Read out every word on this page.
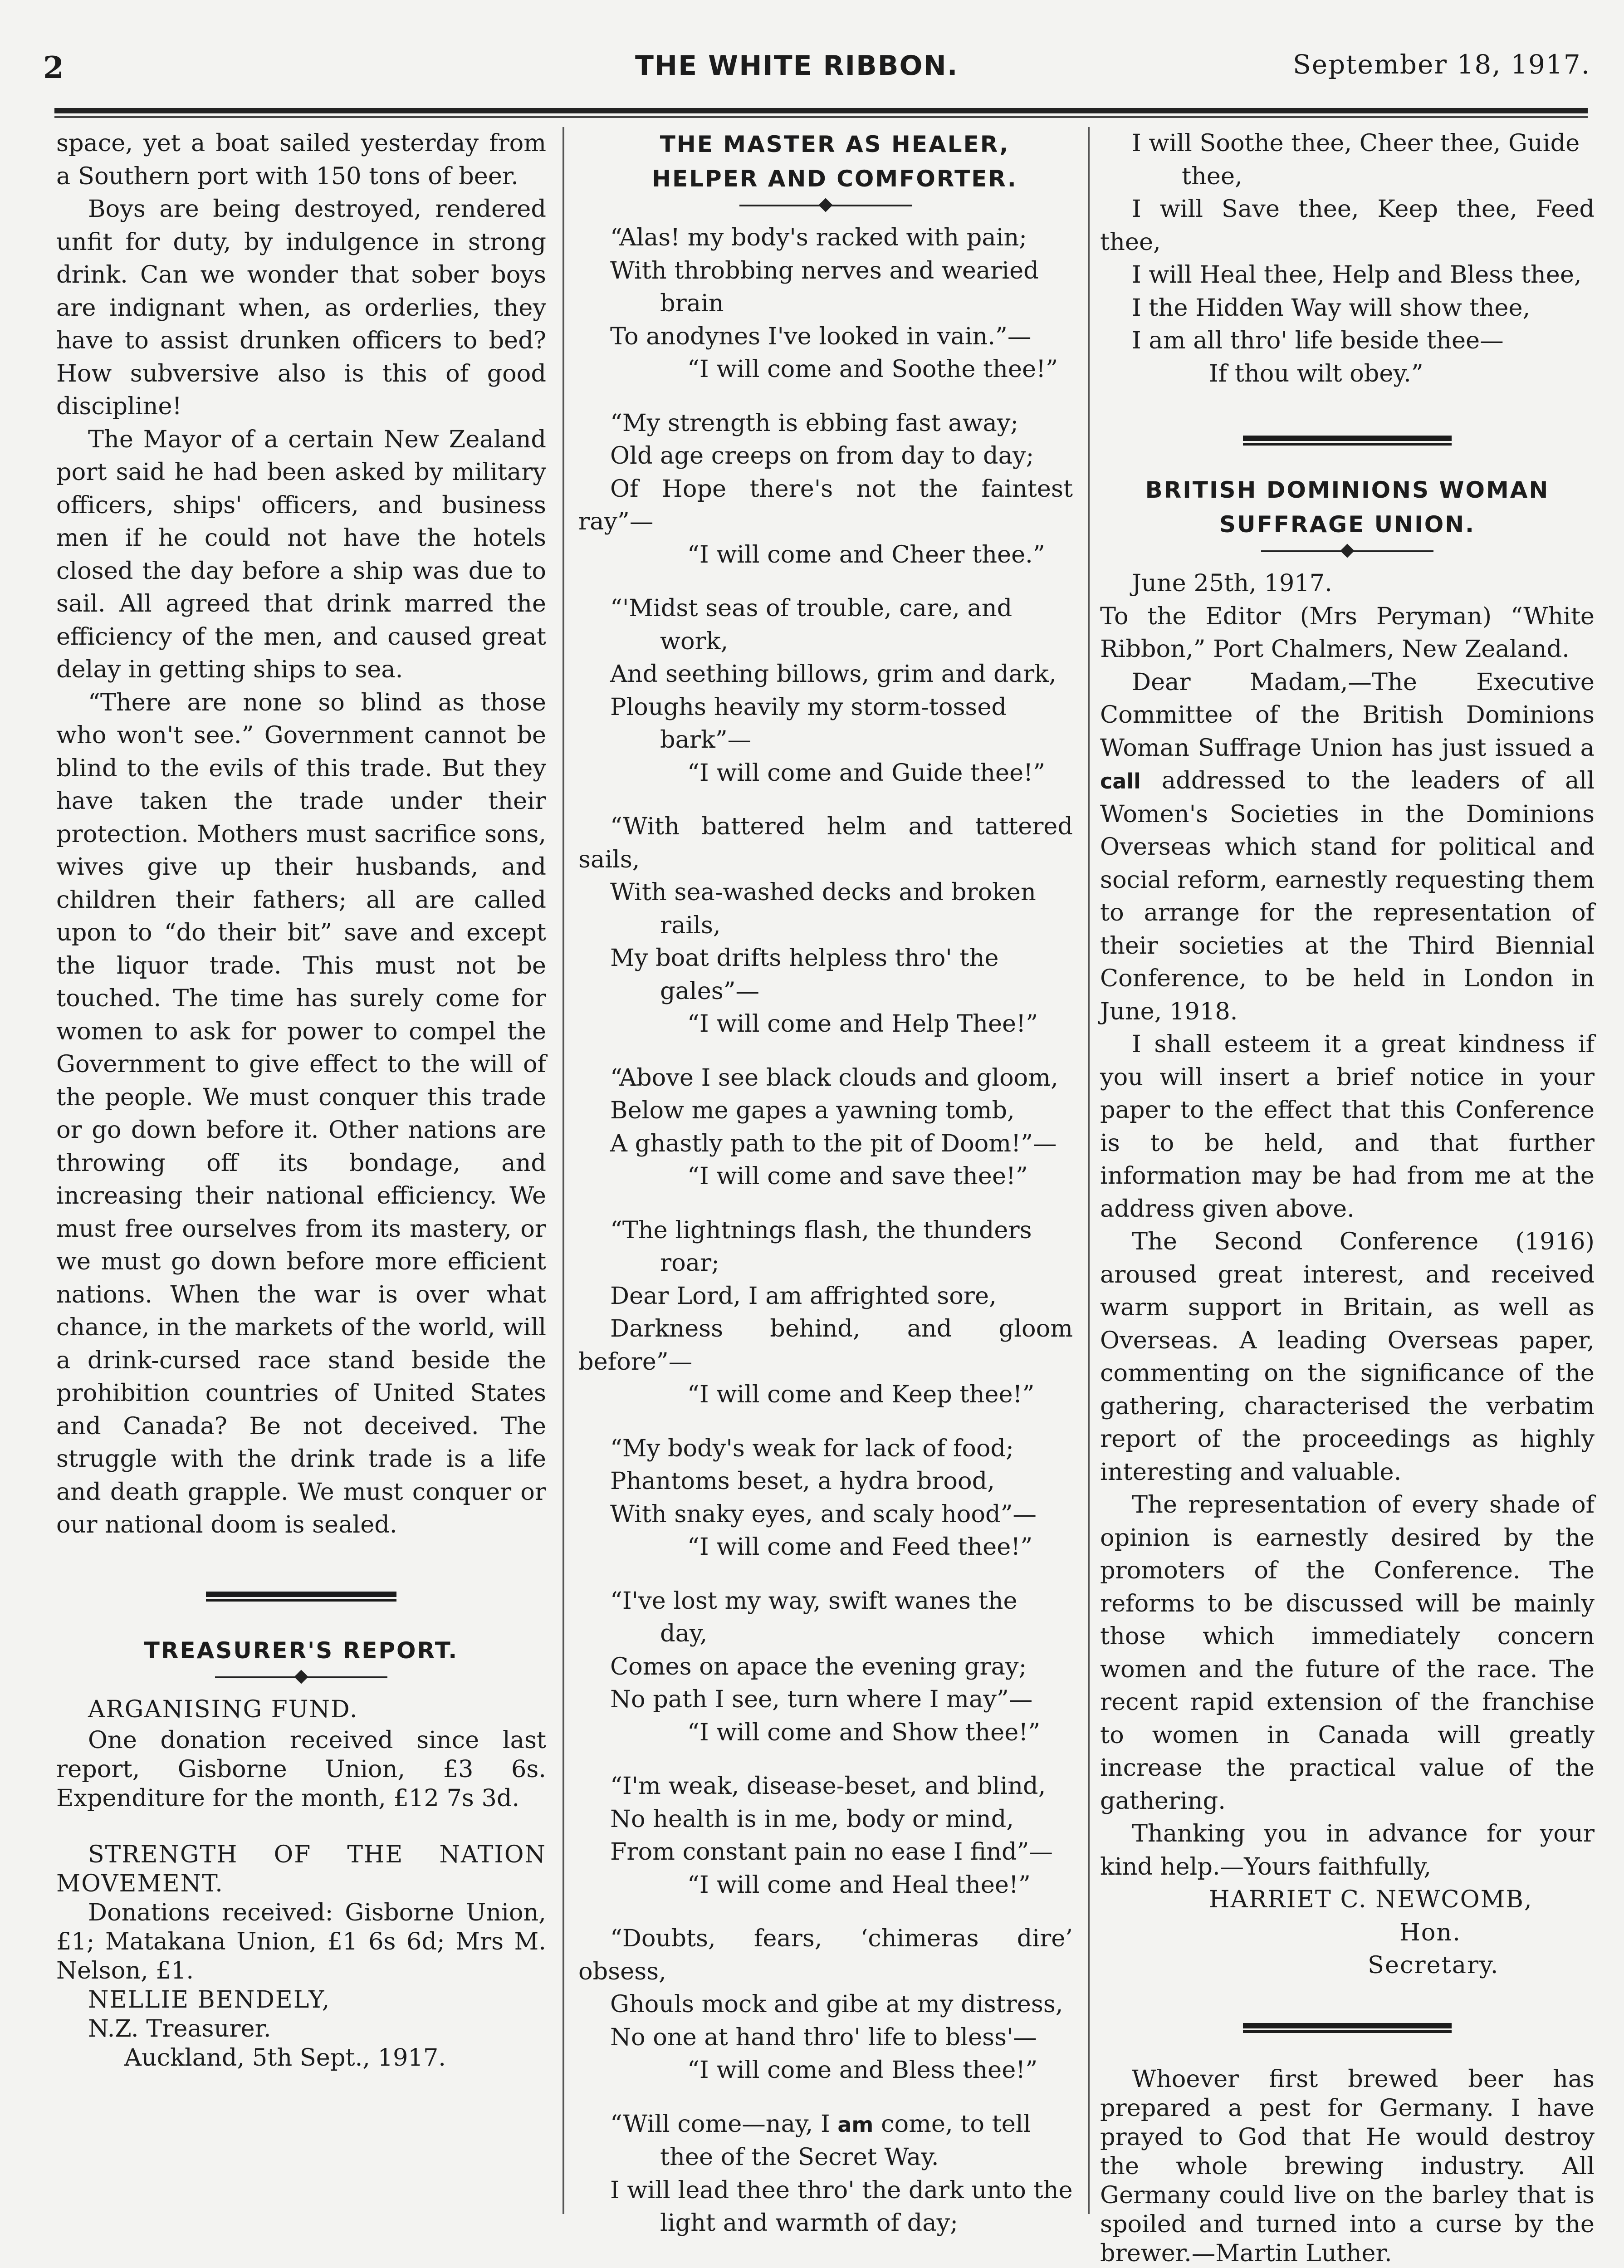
2	THE WHITE RIBBON.	September 18, 1917.

space, yet a boat sailed yesterday from a Southern port with 150 tons of beer.

Boys are being destroyed, rendered unfit for duty, by indulgence in strong drink. Can we wonder that sober boys are indignant when, as orderlies, they have to assist drunken officers to bed? How subversive also is this of good discipline!

The Mayor of a certain New Zealand port said he had been asked by military officers, ships' officers, and business men if he could not have the hotels closed the day before a ship was due to sail. All agreed that drink marred the efficiency of the men, and caused great delay in getting ships to sea.

“There are none so blind as those who won't see.” Government cannot be blind to the evils of this trade. But they have taken the trade under their protection. Mothers must sacrifice sons, wives give up their husbands, and children their fathers; all are called upon to “do their bit” save and except the liquor trade. This must not be touched. The time has surely come for women to ask for power to compel the Government to give effect to the will of the people. We must conquer this trade or go down before it. Other nations are throwing off its bondage, and increasing their national efficiency. We must free ourselves from its mastery, or we must go down before more efficient nations. When the war is over what chance, in the markets of the world, will a drink-cursed race stand beside the prohibition countries of United States and Canada? Be not deceived. The struggle with the drink trade is a life and death grapple. We must conquer or our national doom is sealed.

TREASURER'S REPORT.

ARGANISING FUND.

One donation received since last report, Gisborne Union, £3 6s. Expenditure for the month, £12 7s 3d.

STRENGTH OF THE NATION MOVEMENT.

Donations received: Gisborne Union, £1; Matakana Union, £1 6s 6d; Mrs M. Nelson, £1.

NELLIE BENDELY,

N.Z. Treasurer.

Auckland, 5th Sept., 1917.

THE MASTER AS HEALER,
HELPER AND COMFORTER.

“Alas! my body's racked with pain;

With throbbing nerves and wearied

brain

To anodynes I've looked in vain.”—

“I will come and Soothe thee!”

“My strength is ebbing fast away;

Old age creeps on from day to day;

Of Hope there's not the faintest ray”—

“I will come and Cheer thee.”

“'Midst seas of trouble, care, and

work,

And seething billows, grim and dark,

Ploughs heavily my storm-tossed

bark”—

“I will come and Guide thee!”

“With battered helm and tattered sails,

With sea-washed decks and broken

rails,

My boat drifts helpless thro' the

gales”—

“I will come and Help Thee!”

“Above I see black clouds and gloom,

Below me gapes a yawning tomb,

A ghastly path to the pit of Doom!”—

“I will come and save thee!”

“The lightnings flash, the thunders

roar;

Dear Lord, I am affrighted sore,

Darkness behind, and gloom before”—

“I will come and Keep thee!”

“My body's weak for lack of food;

Phantoms beset, a hydra brood,

With snaky eyes, and scaly hood”—

“I will come and Feed thee!”

“I've lost my way, swift wanes the

day,

Comes on apace the evening gray;

No path I see, turn where I may”—

“I will come and Show thee!”

“I'm weak, disease-beset, and blind,

No health is in me, body or mind,

From constant pain no ease I find”—

“I will come and Heal thee!”

“Doubts, fears, ‘chimeras dire’ obsess,

Ghouls mock and gibe at my distress,

No one at hand thro' life to bless'—

“I will come and Bless thee!”

“Will come—nay, I am come, to tell

thee of the Secret Way.

I will lead thee thro' the dark unto the

light and warmth of day;

I will Soothe thee, Cheer thee, Guide

thee,

I will Save thee, Keep thee, Feed thee,

I will Heal thee, Help and Bless thee,

I the Hidden Way will show thee,

I am all thro' life beside thee—

If thou wilt obey.”

BRITISH DOMINIONS WOMAN
SUFFRAGE UNION.

June 25th, 1917.

To the Editor (Mrs Peryman) “White Ribbon,” Port Chalmers, New Zealand.

Dear Madam,—The Executive Committee of the British Dominions Woman Suffrage Union has just issued a call addressed to the leaders of all Women's Societies in the Dominions Overseas which stand for political and social reform, earnestly requesting them to arrange for the representation of their societies at the Third Biennial Conference, to be held in London in June, 1918.

I shall esteem it a great kindness if you will insert a brief notice in your paper to the effect that this Conference is to be held, and that further information may be had from me at the address given above.

The Second Conference (1916) aroused great interest, and received warm support in Britain, as well as Overseas. A leading Overseas paper, commenting on the significance of the gathering, characterised the verbatim report of the proceedings as highly interesting and valuable.

The representation of every shade of opinion is earnestly desired by the promoters of the Conference. The reforms to be discussed will be mainly those which immediately concern women and the future of the race. The recent rapid extension of the franchise to women in Canada will greatly increase the practical value of the gathering.

Thanking you in advance for your kind help.—Yours faithfully,

HARRIET C. NEWCOMB,

Hon. Secretary.

Whoever first brewed beer has prepared a pest for Germany. I have prayed to God that He would destroy the whole brewing industry. All Germany could live on the barley that is spoiled and turned into a curse by the brewer.—Martin Luther.
